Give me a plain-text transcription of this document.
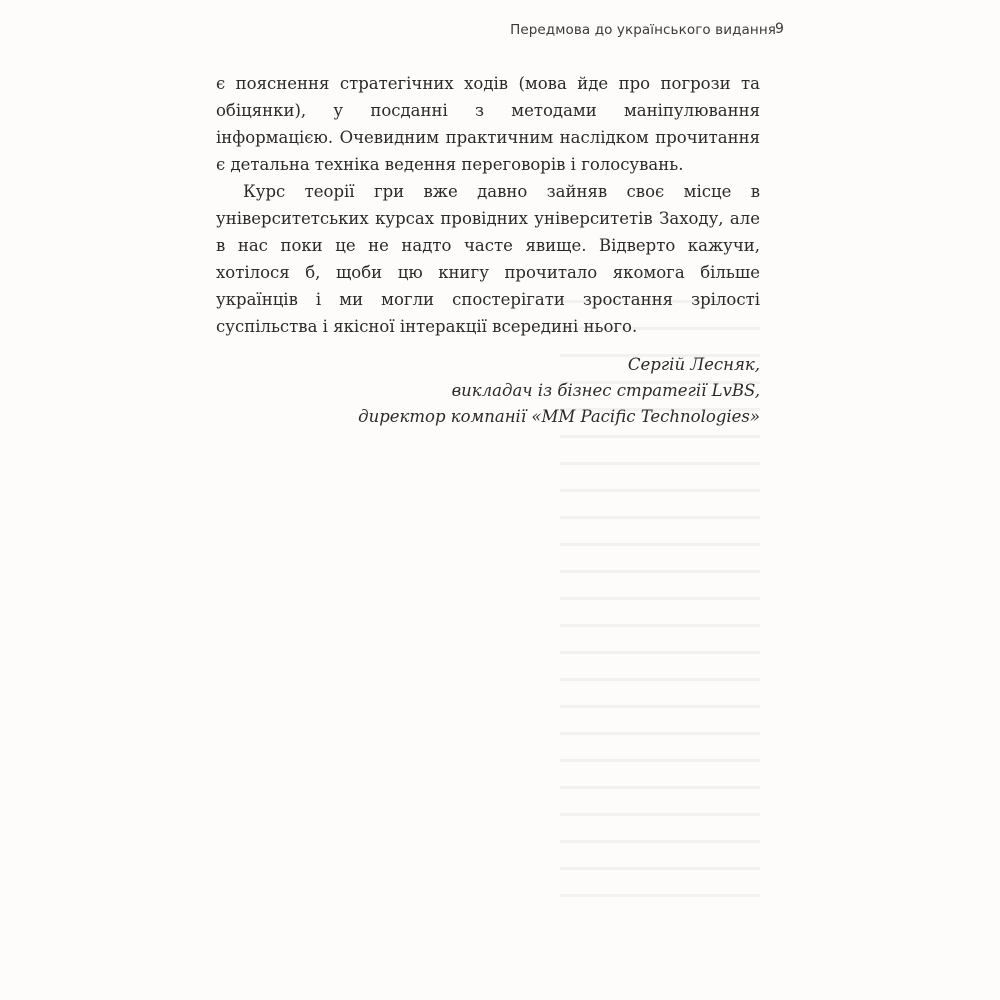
Передмова до українського видання 9

є пояснення стратегічних ходів (мова йде про погрози та обіцянки), у посданнi з методами маніпулювання інформацією. Очевидним практичним наслідком прочитання є детальна техніка ведення переговорів і голосувань.

Курс теорії гри вже давно зайняв своє місце в університетських курсах провідних університетів Заходу, але в нас поки це не надто часте явище. Відверто кажучи, хотілося б, щоби цю книгу прочитало якомога більше українців і ми могли спостерігати зростання зрілості суспільства і якісної інтеракції всередині нього.

Сергій Лесняк,
викладач із бізнес стратегії LvBS,
директор компанії «MM Pacific Technologies»
